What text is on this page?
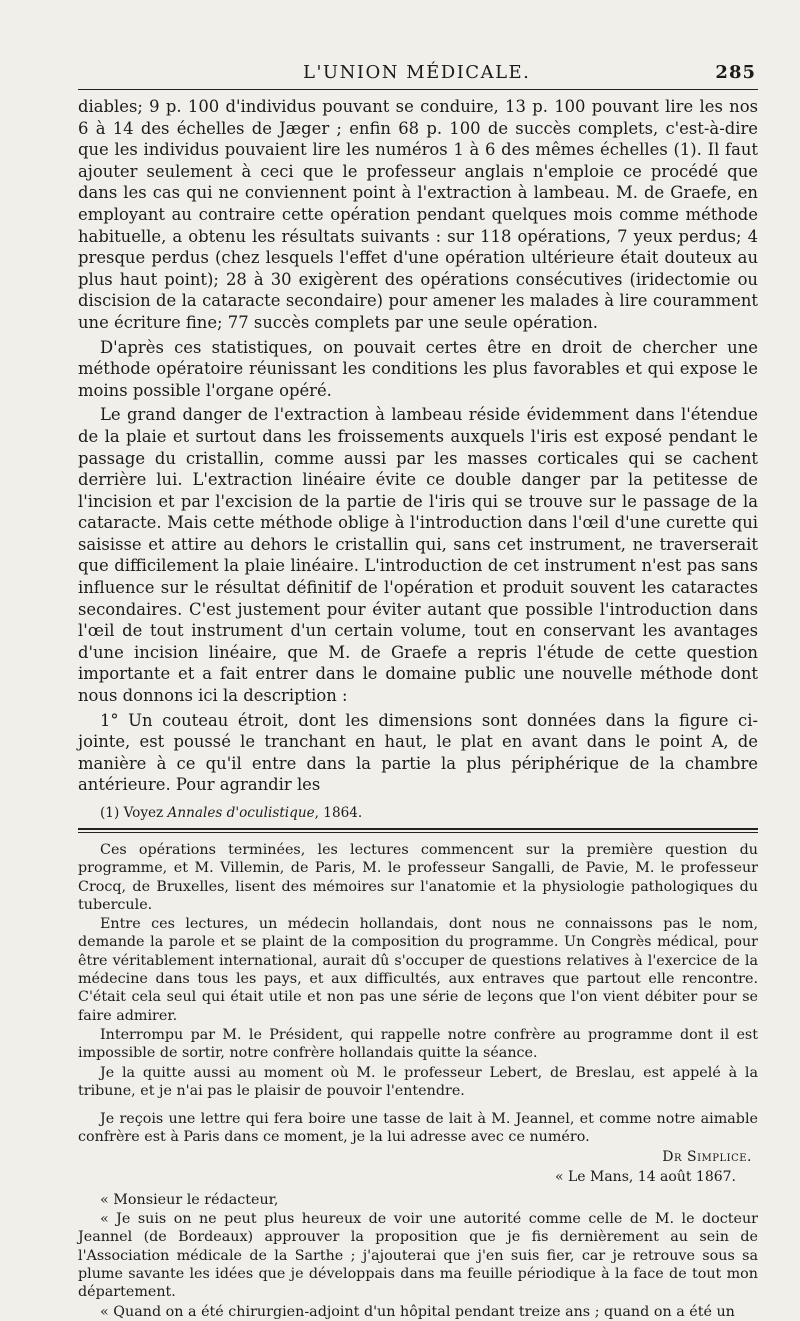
L'UNION MÉDICALE.	285

diables; 9 p. 100 d'individus pouvant se conduire, 13 p. 100 pouvant lire les nos 6 à 14 des échelles de Jæger ; enfin 68 p. 100 de succès complets, c'est-à-dire que les individus pouvaient lire les numéros 1 à 6 des mêmes échelles (1). Il faut ajouter seulement à ceci que le professeur anglais n'emploie ce procédé que dans les cas qui ne conviennent point à l'extraction à lambeau. M. de Graefe, en employant au contraire cette opération pendant quelques mois comme méthode habituelle, a obtenu les résultats suivants : sur 118 opérations, 7 yeux perdus; 4 presque perdus (chez lesquels l'effet d'une opération ultérieure était douteux au plus haut point); 28 à 30 exigèrent des opérations consécutives (iridectomie ou discision de la cataracte secondaire) pour amener les malades à lire couramment une écriture fine; 77 succès complets par une seule opération.

D'après ces statistiques, on pouvait certes être en droit de chercher une méthode opératoire réunissant les conditions les plus favorables et qui expose le moins possible l'organe opéré.

Le grand danger de l'extraction à lambeau réside évidemment dans l'étendue de la plaie et surtout dans les froissements auxquels l'iris est exposé pendant le passage du cristallin, comme aussi par les masses corticales qui se cachent derrière lui. L'extraction linéaire évite ce double danger par la petitesse de l'incision et par l'excision de la partie de l'iris qui se trouve sur le passage de la cataracte. Mais cette méthode oblige à l'introduction dans l'œil d'une curette qui saisisse et attire au dehors le cristallin qui, sans cet instrument, ne traverserait que difficilement la plaie linéaire. L'introduction de cet instrument n'est pas sans influence sur le résultat définitif de l'opération et produit souvent les cataractes secondaires. C'est justement pour éviter autant que possible l'introduction dans l'œil de tout instrument d'un certain volume, tout en conservant les avantages d'une incision linéaire, que M. de Graefe a repris l'étude de cette question importante et a fait entrer dans le domaine public une nouvelle méthode dont nous donnons ici la description :

1° Un couteau étroit, dont les dimensions sont données dans la figure ci-jointe, est poussé le tranchant en haut, le plat en avant dans le point A, de manière à ce qu'il entre dans la partie la plus périphérique de la chambre antérieure. Pour agrandir les

(1) Voyez Annales d'oculistique, 1864.

Ces opérations terminées, les lectures commencent sur la première question du programme, et M. Villemin, de Paris, M. le professeur Sangalli, de Pavie, M. le professeur Crocq, de Bruxelles, lisent des mémoires sur l'anatomie et la physiologie pathologiques du tubercule.

Entre ces lectures, un médecin hollandais, dont nous ne connaissons pas le nom, demande la parole et se plaint de la composition du programme. Un Congrès médical, pour être véritablement international, aurait dû s'occuper de questions relatives à l'exercice de la médecine dans tous les pays, et aux difficultés, aux entraves que partout elle rencontre. C'était cela seul qui était utile et non pas une série de leçons que l'on vient débiter pour se faire admirer.

Interrompu par M. le Président, qui rappelle notre confrère au programme dont il est impossible de sortir, notre confrère hollandais quitte la séance.

Je la quitte aussi au moment où M. le professeur Lebert, de Breslau, est appelé à la tribune, et je n'ai pas le plaisir de pouvoir l'entendre.

Je reçois une lettre qui fera boire une tasse de lait à M. Jeannel, et comme notre aimable confrère est à Paris dans ce moment, je la lui adresse avec ce numéro.

Dr Simplice.
« Le Mans, 14 août 1867.

« Monsieur le rédacteur,

« Je suis on ne peut plus heureux de voir une autorité comme celle de M. le docteur Jeannel (de Bordeaux) approuver la proposition que je fis dernièrement au sein de l'Association médicale de la Sarthe ; j'ajouterai que j'en suis fier, car je retrouve sous sa plume savante les idées que je développais dans ma feuille périodique à la face de tout mon département.

« Quand on a été chirurgien-adjoint d'un hôpital pendant treize ans ; quand on a été un
